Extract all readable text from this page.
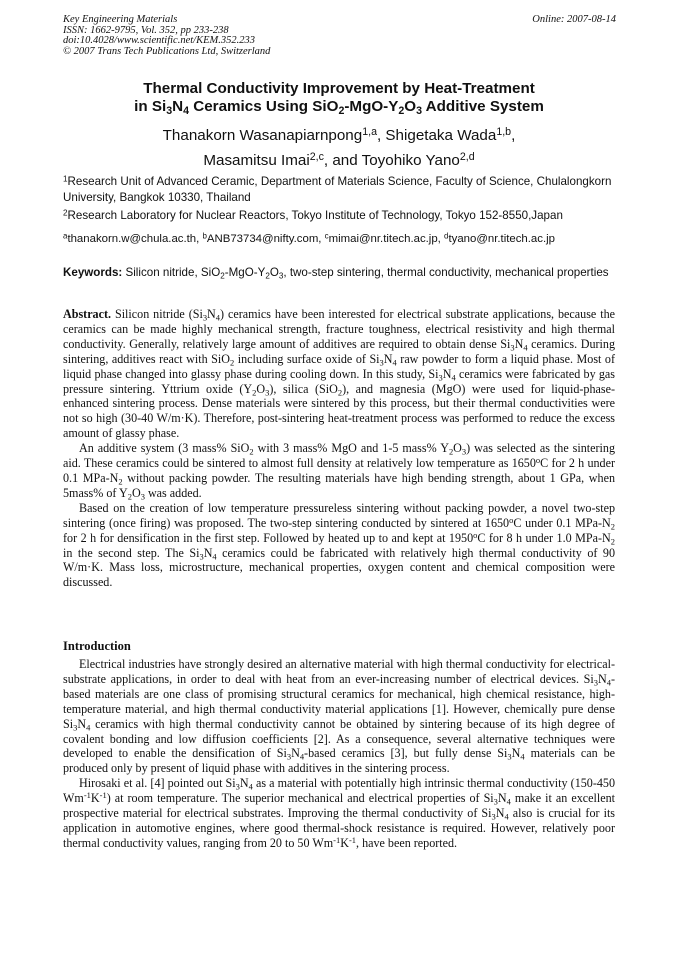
Key Engineering Materials
ISSN: 1662-9795, Vol. 352, pp 233-238
doi:10.4028/www.scientific.net/KEM.352.233
© 2007 Trans Tech Publications Ltd, Switzerland
Online: 2007-08-14
Thermal Conductivity Improvement by Heat-Treatment
in $Si_3N_4$ Ceramics Using $SiO_2-MgO-Y_2O_3$ Additive System
Thanakorn Wasanapiarnpong$^{1,a}$, Shigetaka Wada$^{1,b}$,
Masamitsu Imai$^{2,c}$, and Toyohiko Yano$^{2,d}$
$^1$Research Unit of Advanced Ceramic, Department of Materials Science, Faculty of Science, Chulalongkorn University, Bangkok 10330, Thailand
$^2$Research Laboratory for Nuclear Reactors, Tokyo Institute of Technology, Tokyo 152-8550,Japan
$^a$thanakorn.w@chula.ac.th, $^b$ANB73734@nifty.com, $^c$mimai@nr.titech.ac.jp, $^d$tyano@nr.titech.ac.jp
Keywords: Silicon nitride, $SiO_2-MgO-Y_2O_3$, two-step sintering, thermal conductivity, mechanical properties

Abstract. Silicon nitride $(Si_3N_4)$ ceramics have been interested for electrical substrate applications, because the ceramics can be made highly mechanical strength, fracture toughness, electrical resistivity and high thermal conductivity. Generally, relatively large amount of additives are required to obtain dense $Si_3N_4$ ceramics. During sintering, additives react with SiO$_2$ including surface oxide of $Si_3N_4$ raw powder to form a liquid phase. Most of liquid phase changed into glassy phase during cooling down. In this study, $Si_3N_4$ ceramics were fabricated by gas pressure sintering. Yttrium oxide $(Y_2O_3)$, silica (SiO$_2$), and magnesia (MgO) were used for liquid-phase-enhanced sintering process. Dense materials were sintered by this process, but their thermal conductivities were not so high (30-40 W/m·K). Therefore, post-sintering heat-treatment process was performed to reduce the excess amount of glassy phase.

An additive system (3 mass% SiO$_2$ with 3 mass% MgO and 1-5 mass% $Y_2O_3$) was selected as the sintering aid. These ceramics could be sintered to almost full density at relatively low temperature as 1650$^o$C for 2 h under 0.1 MPa-$N_2$ without packing powder. The resulting materials have high bending strength, about 1 GPa, when 5mass% of $Y_2O_3$ was added.

Based on the creation of low temperature pressureless sintering without packing powder, a novel two-step sintering (once firing) was proposed. The two-step sintering conducted by sintered at 1650$^o$C under 0.1 MPa-$N_2$ for 2 h for densification in the first step. Followed by heated up to and kept at 1950$^o$C for 8 h under 1.0 MPa-$N_2$ in the second step. The $Si_3N_4$ ceramics could be fabricated with relatively high thermal conductivity of 90 W/m·K. Mass loss, microstructure, mechanical properties, oxygen content and chemical composition were discussed.

Introduction

Electrical industries have strongly desired an alternative material with high thermal conductivity for electrical-substrate applications, in order to deal with heat from an ever-increasing number of electrical devices. $Si_3N_4$-based materials are one class of promising structural ceramics for mechanical, high chemical resistance, high-temperature material, and high thermal conductivity material applications [1]. However, chemically pure dense $Si_3N_4$ ceramics with high thermal conductivity cannot be obtained by sintering because of its high degree of covalent bonding and low diffusion coefficients [2]. As a consequence, several alternative techniques were developed to enable the densification of $Si_3N_4$-based ceramics [3], but fully dense $Si_3N_4$ materials can be produced only by present of liquid phase with additives in the sintering process.

Hirosaki et al. [4] pointed out $Si_3N_4$ as a material with potentially high intrinsic thermal conductivity (150-450 $Wm^{-1}K^{-1}$) at room temperature. The superior mechanical and electrical properties of $Si_3N_4$ make it an excellent prospective material for electrical substrates. Improving the thermal conductivity of $Si_3N_4$ also is crucial for its application in automotive engines, where good thermal-shock resistance is required. However, relatively poor thermal conductivity values, ranging from 20 to 50 $Wm^{-1}K^{-1}$, have been reported.
